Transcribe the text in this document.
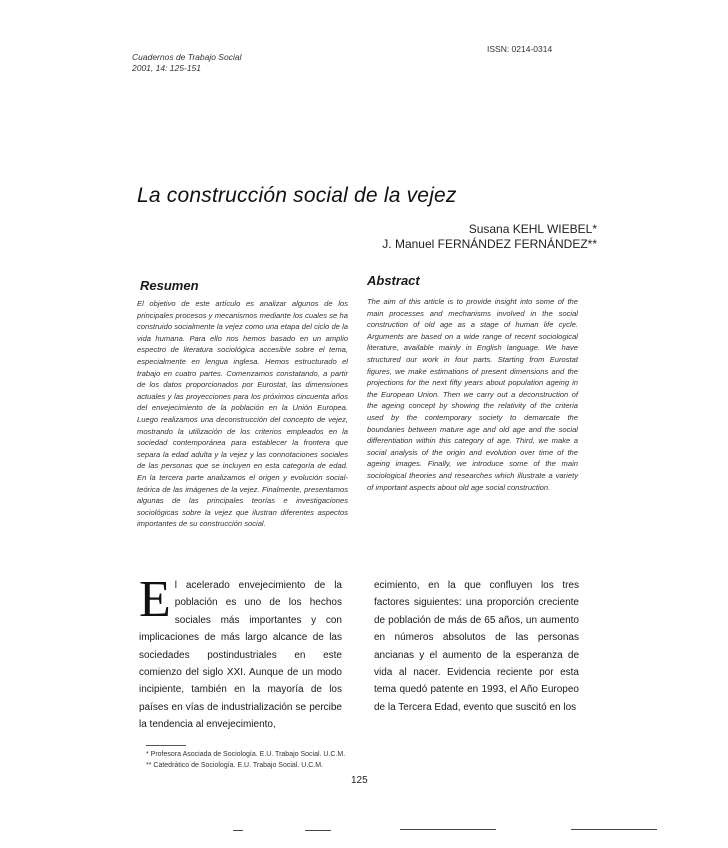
Cuadernos de Trabajo Social
2001, 14: 125-151
ISSN: 0214-0314
La construcción social de la vejez
Susana KEHL WIEBEL*
J. Manuel FERNÁNDEZ FERNÁNDEZ**
Resumen
El objetivo de este artículo es analizar algunos de los principales procesos y mecanismos mediante los cuales se ha construido socialmente la vejez como una etapa del ciclo de la vida humana. Para ello nos hemos basado en un amplio espectro de literatura sociológica accesible sobre el tema, especialmente en lengua inglesa. Hemos estructurado el trabajo en cuatro partes. Comenzamos constatando, a partir de los datos proporcionados por Eurostat, las dimensiones actuales y las proyecciones para los próximos cincuenta años del envejecimiento de la población en la Unión Europea. Luego realizamos una deconstrucción del concepto de vejez, mostrando la utilización de los criterios empleados en la sociedad contemporánea para establecer la frontera que separa la edad adulta y la vejez y las connotaciones sociales de las personas que se incluyen en esta categoría de edad. En la tercera parte analizamos el origen y evolución social-teórica de las imágenes de la vejez. Finalmente, presentamos algunas de las principales teorías e investigaciones sociológicas sobre la vejez que ilustran diferentes aspectos importantes de su construcción social.
Abstract
The aim of this article is to provide insight into some of the main processes and mechanisms involved in the social construction of old age as a stage of human life cycle. Arguments are based on a wide range of recent sociological literature, available mainly in English language. We have structured our work in four parts. Starting from Eurostat figures, we make estimations of present dimensions and the projections for the next fifty years about population ageing in the European Union. Then we carry out a deconstruction of the ageing concept by showing the relativity of the criteria used by the contemporary society to demarcate the boundaries between mature age and old age and the social differentiation within this category of age. Third, we make a social analysis of the origin and evolution over time of the ageing images. Finally, we introduce some of the main sociological theories and researches which illustrate a variety of important aspects about old age social construction.
E l acelerado envejecimiento de la población es uno de los hechos sociales más importantes y con implicaciones de más largo alcance de las sociedades postindustriales en este comienzo del siglo XXI. Aunque de un modo incipiente, también en la mayoría de los países en vías de industrialización se percibe la tendencia al envejecimiento,
ecimiento, en la que confluyen los tres factores siguientes: una proporción creciente de población de más de 65 años, un aumento en números absolutos de las personas ancianas y el aumento de la esperanza de vida al nacer. Evidencia reciente por esta tema quedó patente en 1993, el Año Europeo de la Tercera Edad, evento que suscitó en los
* Profesora Asociada de Sociología. E.U. Trabajo Social. U.C.M.
** Catedrático de Sociología. E.U. Trabajo Social. U.C.M.
125
